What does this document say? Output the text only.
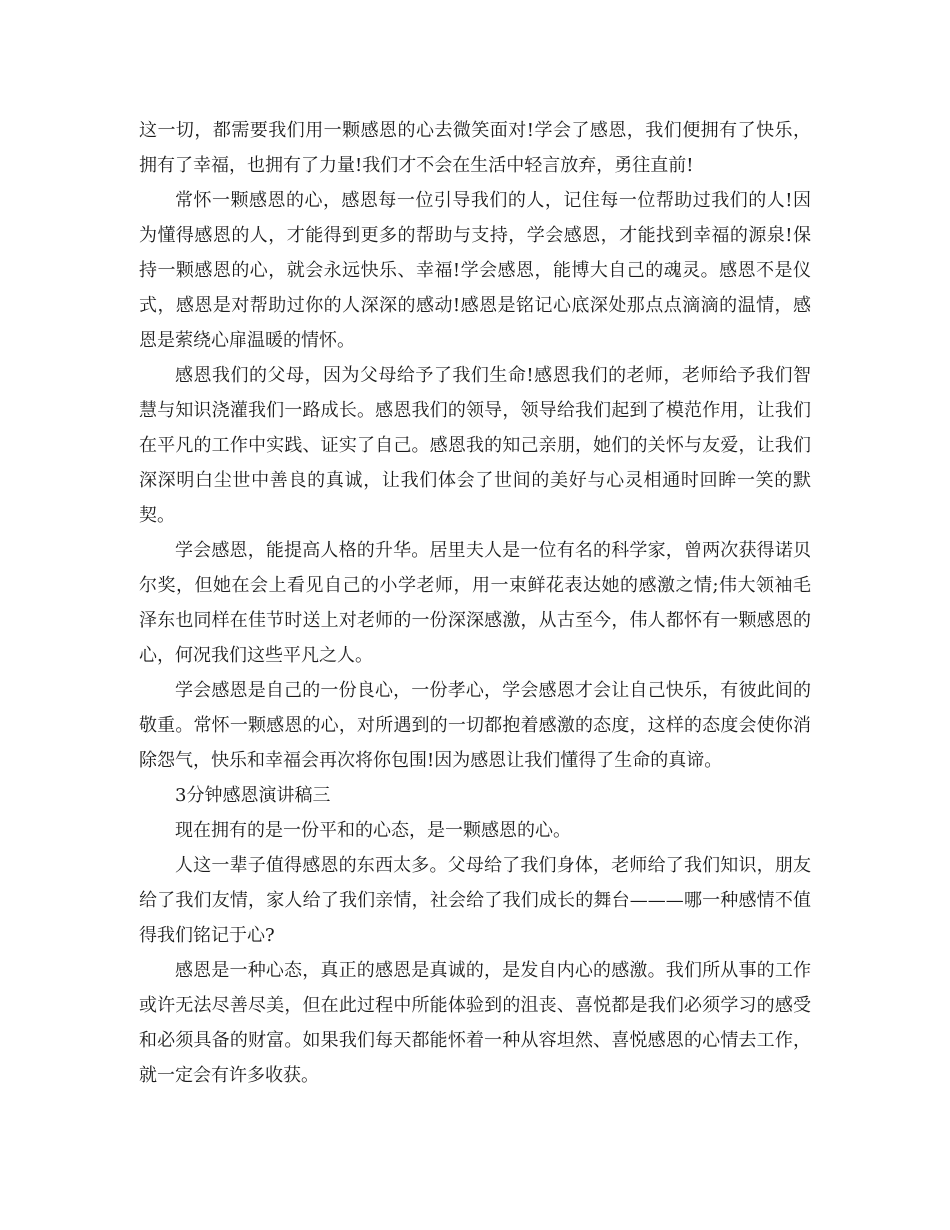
这一切，都需要我们用一颗感恩的心去微笑面对!学会了感恩，我们便拥有了快乐，拥有了幸福，也拥有了力量!我们才不会在生活中轻言放弃，勇往直前!

常怀一颗感恩的心，感恩每一位引导我们的人，记住每一位帮助过我们的人!因为懂得感恩的人，才能得到更多的帮助与支持，学会感恩，才能找到幸福的源泉!保持一颗感恩的心，就会永远快乐、幸福!学会感恩，能博大自己的魂灵。感恩不是仪式，感恩是对帮助过你的人深深的感动!感恩是铭记心底深处那点点滴滴的温情，感恩是萦绕心扉温暖的情怀。

感恩我们的父母，因为父母给予了我们生命!感恩我们的老师，老师给予我们智慧与知识浇灌我们一路成长。感恩我们的领导，领导给我们起到了模范作用，让我们在平凡的工作中实践、证实了自己。感恩我的知己亲朋，她们的关怀与友爱，让我们深深明白尘世中善良的真诚，让我们体会了世间的美好与心灵相通时回眸一笑的默契。

学会感恩，能提高人格的升华。居里夫人是一位有名的科学家，曾两次获得诺贝尔奖，但她在会上看见自己的小学老师，用一束鲜花表达她的感激之情;伟大领袖毛泽东也同样在佳节时送上对老师的一份深深感激，从古至今，伟人都怀有一颗感恩的心，何况我们这些平凡之人。

学会感恩是自己的一份良心，一份孝心，学会感恩才会让自己快乐，有彼此间的敬重。常怀一颗感恩的心，对所遇到的一切都抱着感激的态度，这样的态度会使你消除怨气，快乐和幸福会再次将你包围!因为感恩让我们懂得了生命的真谛。

3分钟感恩演讲稿三

现在拥有的是一份平和的心态，是一颗感恩的心。

人这一辈子值得感恩的东西太多。父母给了我们身体，老师给了我们知识，朋友给了我们友情，家人给了我们亲情，社会给了我们成长的舞台———哪一种感情不值得我们铭记于心?

感恩是一种心态，真正的感恩是真诚的，是发自内心的感激。我们所从事的工作或许无法尽善尽美，但在此过程中所能体验到的沮丧、喜悦都是我们必须学习的感受和必须具备的财富。如果我们每天都能怀着一种从容坦然、喜悦感恩的心情去工作，就一定会有许多收获。
